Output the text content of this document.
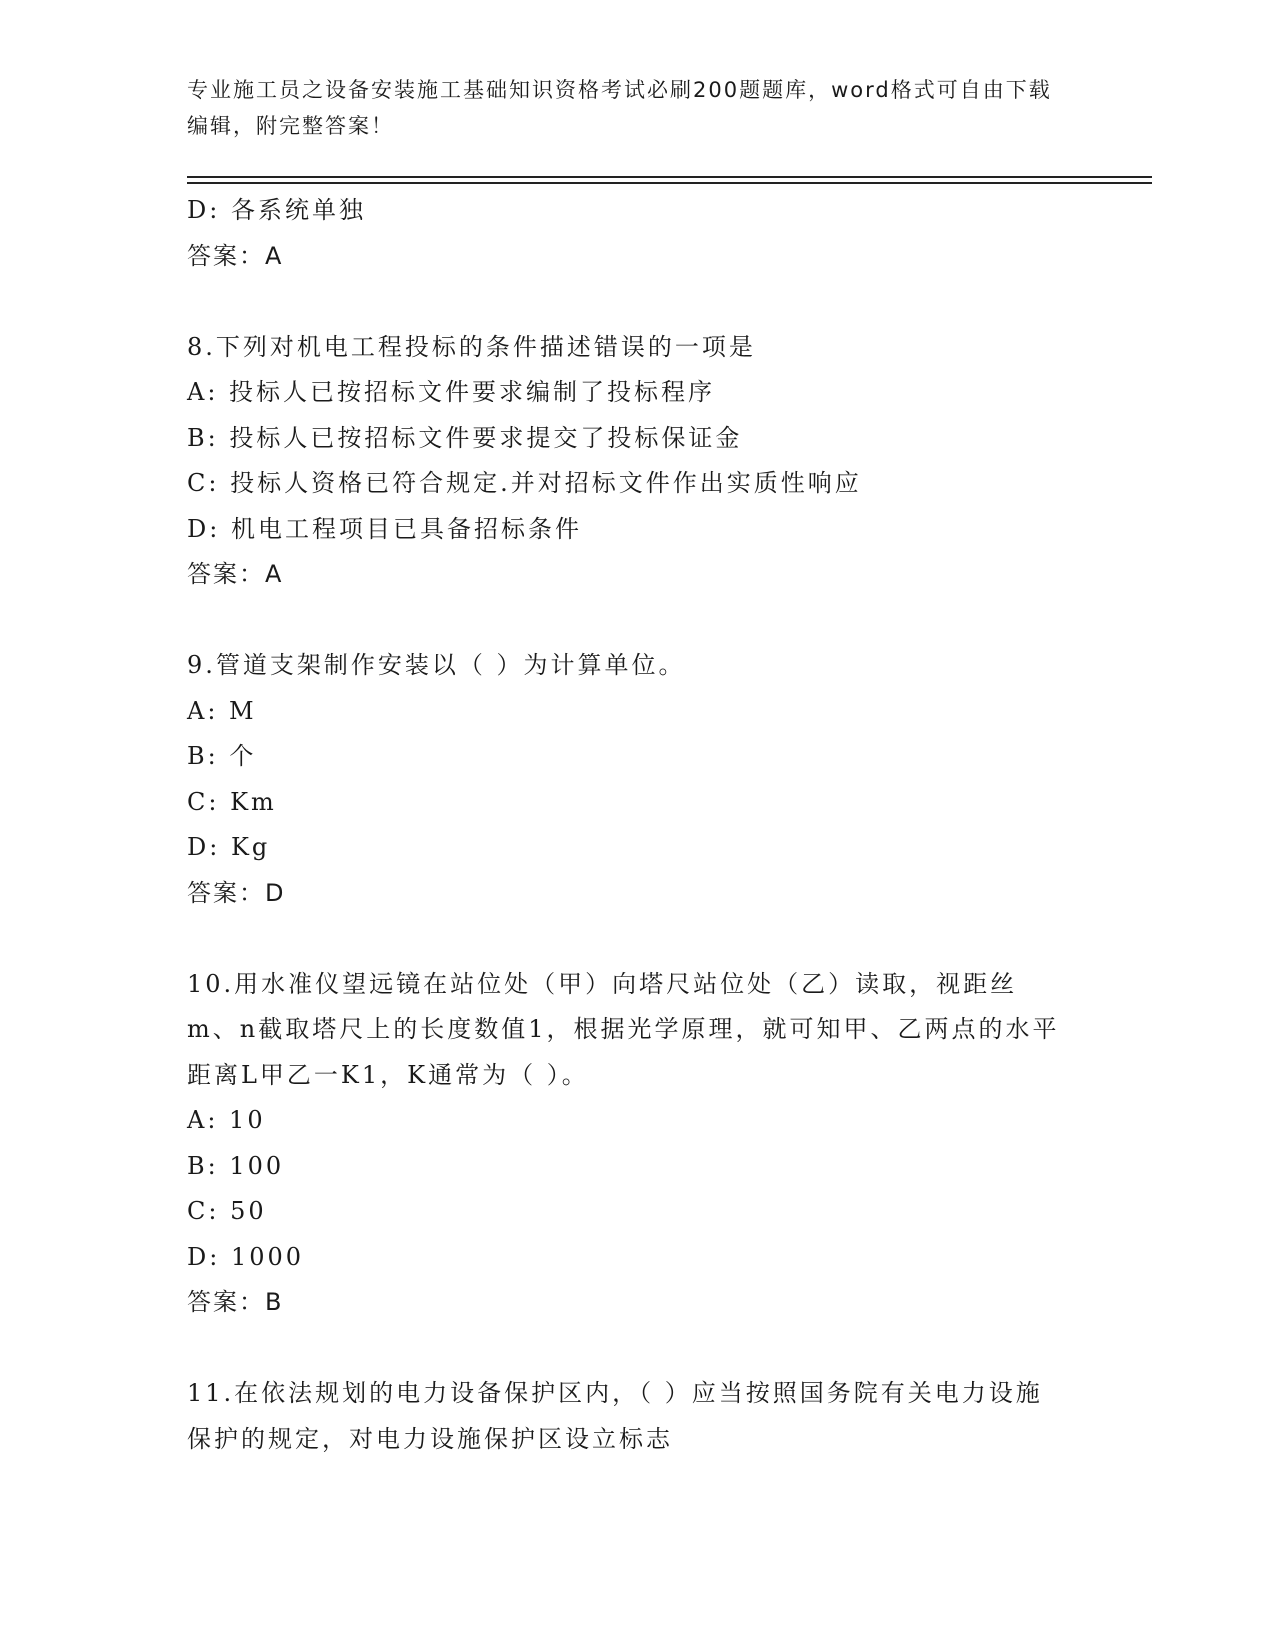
专业施工员之设备安装施工基础知识资格考试必刷200题题库，word格式可自由下载编辑，附完整答案！
D: 各系统单独
答案：A
8.下列对机电工程投标的条件描述错误的一项是
A: 投标人已按招标文件要求编制了投标程序
B: 投标人已按招标文件要求提交了投标保证金
C: 投标人资格已符合规定.并对招标文件作出实质性响应
D: 机电工程项目已具备招标条件
答案：A
9.管道支架制作安装以（ ）为计算单位。
A: M
B: 个
C: Km
D: Kg
答案：D
10.用水准仪望远镜在站位处（甲）向塔尺站位处（乙）读取，视距丝m、n截取塔尺上的长度数值1，根据光学原理，就可知甲、乙两点的水平距离L甲乙一K1，K通常为（ ）。
A: 10
B: 100
C: 50
D: 1000
答案：B
11.在依法规划的电力设备保护区内，（ ）应当按照国务院有关电力设施保护的规定，对电力设施保护区设立标志
